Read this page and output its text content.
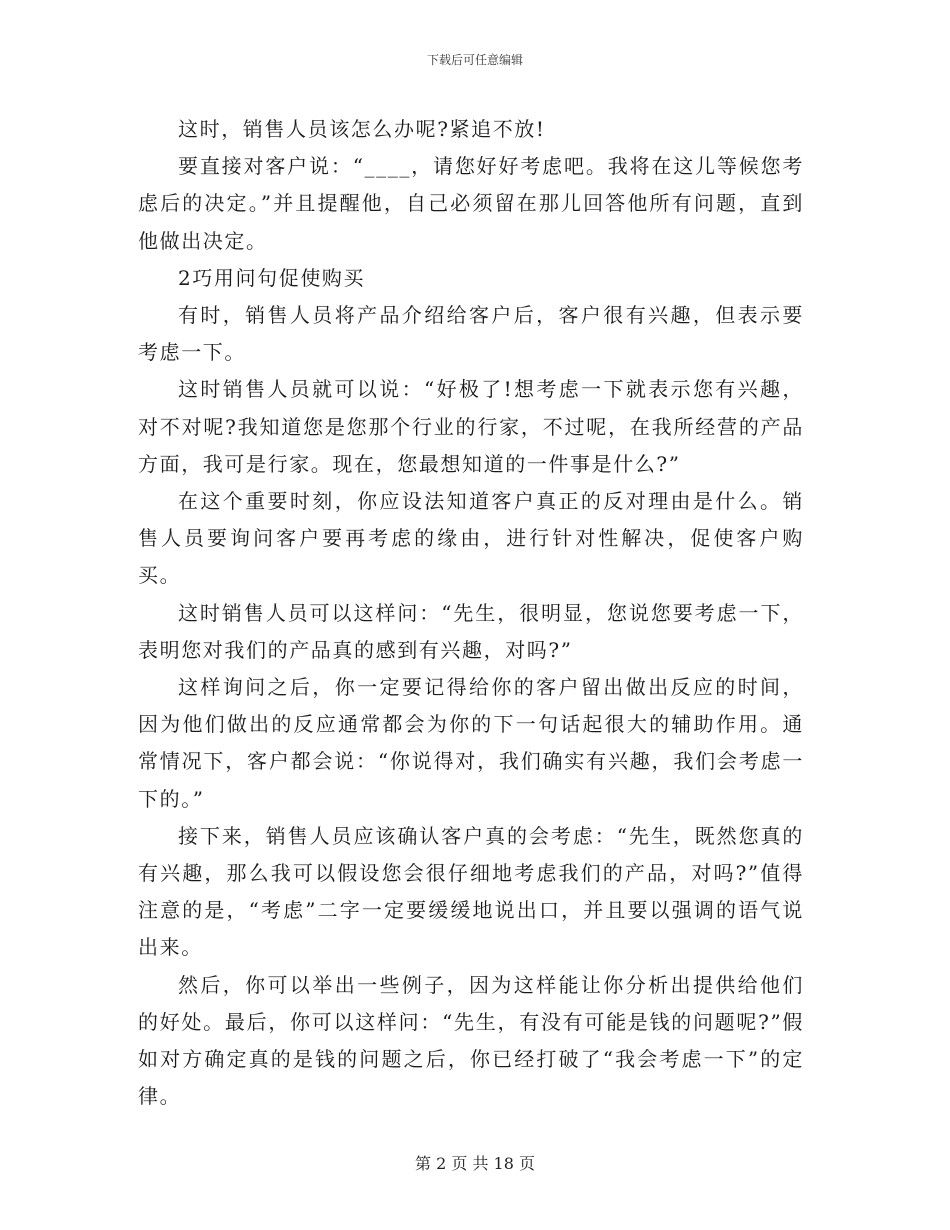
下载后可任意编辑

这时，销售人员该怎么办呢?紧追不放!

要直接对客户说：“____，请您好好考虑吧。我将在这儿等候您考虑后的决定。”并且提醒他，自己必须留在那儿回答他所有问题，直到他做出决定。

2巧用问句促使购买

有时，销售人员将产品介绍给客户后，客户很有兴趣，但表示要考虑一下。

这时销售人员就可以说：“好极了!想考虑一下就表示您有兴趣，对不对呢?我知道您是您那个行业的行家，不过呢，在我所经营的产品方面，我可是行家。现在，您最想知道的一件事是什么?”

在这个重要时刻，你应设法知道客户真正的反对理由是什么。销售人员要询问客户要再考虑的缘由，进行针对性解决，促使客户购买。

这时销售人员可以这样问：“先生，很明显，您说您要考虑一下，表明您对我们的产品真的感到有兴趣，对吗?”

这样询问之后，你一定要记得给你的客户留出做出反应的时间，因为他们做出的反应通常都会为你的下一句话起很大的辅助作用。通常情况下，客户都会说：“你说得对，我们确实有兴趣，我们会考虑一下的。”

接下来，销售人员应该确认客户真的会考虑：“先生，既然您真的有兴趣，那么我可以假设您会很仔细地考虑我们的产品，对吗?”值得注意的是，“考虑”二字一定要缓缓地说出口，并且要以强调的语气说出来。

然后，你可以举出一些例子，因为这样能让你分析出提供给他们的好处。最后，你可以这样问：“先生，有没有可能是钱的问题呢?”假如对方确定真的是钱的问题之后，你已经打破了“我会考虑一下”的定律。

第 2 页 共 18 页
